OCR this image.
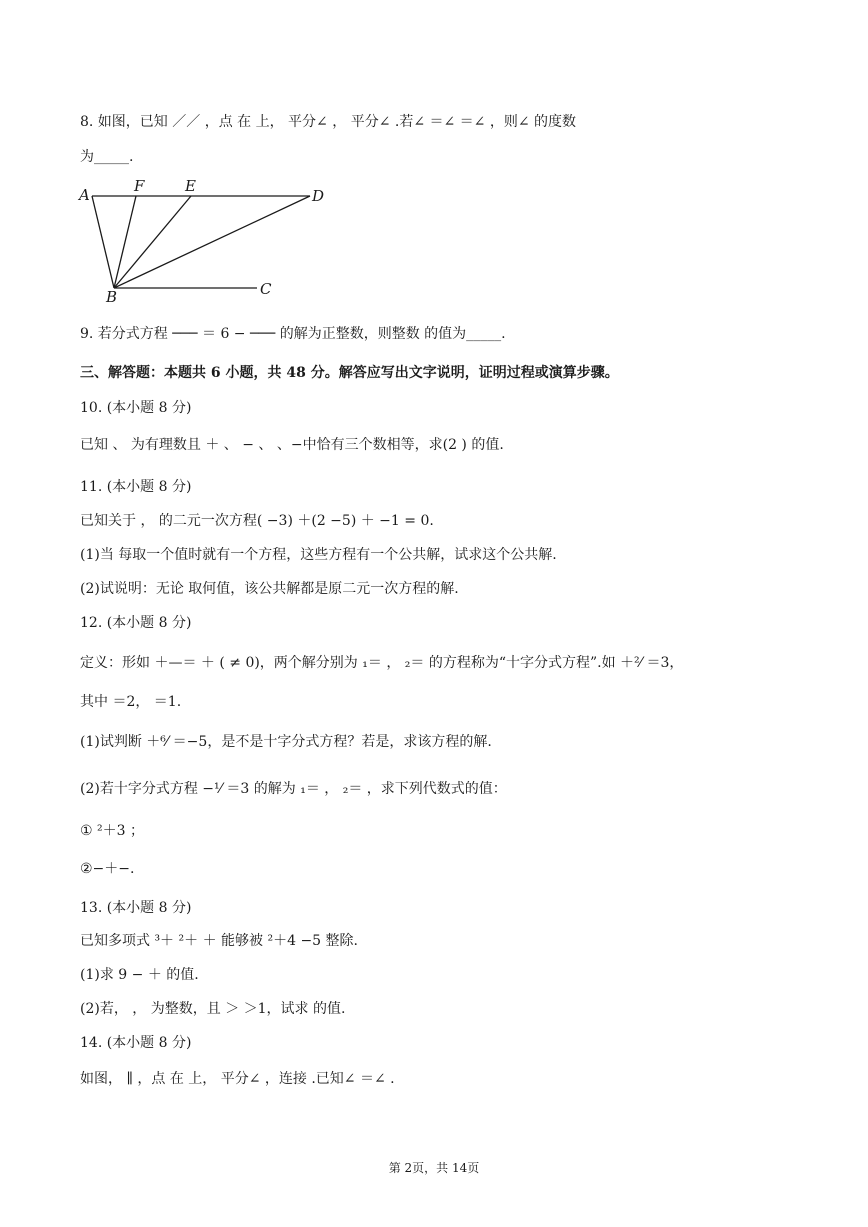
8. 如图，已知 ／／ ，点 在 上， 平分∠ ， 平分∠ .若∠ ＝∠ ＝∠ ，则∠ 的度数
为_____.
A	F	E
D
B	C
9. 若分式方程 ─── ＝ 6 − ─── 的解为正整数，则整数 的值为_____.
三、解答题：本题共 6 小题，共 48 分。解答应写出文字说明，证明过程或演算步骤。
10. (本小题 8 分)
已知 、 为有理数且 ＋ 、 − 、 、−中恰有三个数相等，求(2 ) 的值.
11. (本小题 8 分)
已知关于 ， 的二元一次方程( −3) ＋(2 −5) ＋ −1 = 0.
(1)当 每取一个值时就有一个方程，这些方程有一个公共解，试求这个公共解.
(2)试说明：无论 取何值，该公共解都是原二元一次方程的解.
12. (本小题 8 分)
定义：形如 ＋—＝ ＋ ( ≠ 0)，两个解分别为 ₁＝ ， ₂＝ 的方程称为“十字分式方程”.如 ＋²⁄ ＝3，
其中 ＝2， ＝1.
(1)试判断 ＋⁶⁄ ＝−5，是不是十字分式方程？若是，求该方程的解.
(2)若十字分式方程 −¹⁄ ＝3 的解为 ₁＝ ， ₂＝ ，求下列代数式的值：
① ²＋3 ；
②−＋−.
13. (本小题 8 分)
已知多项式 ³＋ ²＋ ＋ 能够被 ²＋4 −5 整除.
(1)求 9 − ＋ 的值.
(2)若， ， 为整数，且 ＞ ＞1，试求 的值.
14. (本小题 8 分)
如图， ∥ ，点 在 上， 平分∠ ，连接 .已知∠ ＝∠ .
第 2页，共 14页
